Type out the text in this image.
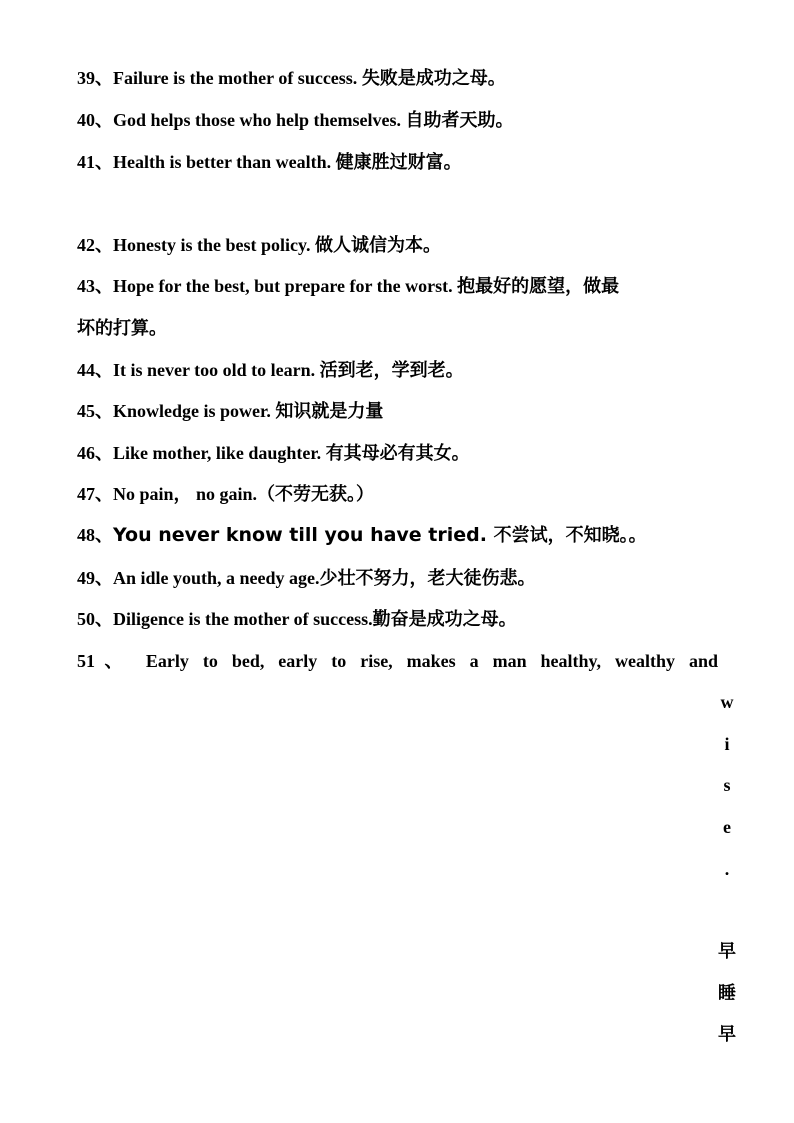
39、Failure is the mother of success. 失败是成功之母。
40、God helps those who help themselves. 自助者天助。
41、Health is better than wealth. 健康胜过财富。
42、Honesty is the best policy. 做人诚信为本。
43、Hope for the best, but prepare for the worst. 抱最好的愿望，做最
坏的打算。
44、It is never too old to learn. 活到老，学到老。
45、Knowledge is power. 知识就是力量
46、Like mother, like daughter. 有其母必有其女。
47、No pain， no gain.（不劳无获。）
48、You never know till you have tried. 不尝试，不知晓。。
49、An idle youth, a needy age.少壮不努力，老大徒伤悲。
50、Diligence is the mother of success.勤奋是成功之母。
51、 Early to bed, early to rise, makes a man healthy, wealthy and
w
i
s
e
.
早
睡
早
